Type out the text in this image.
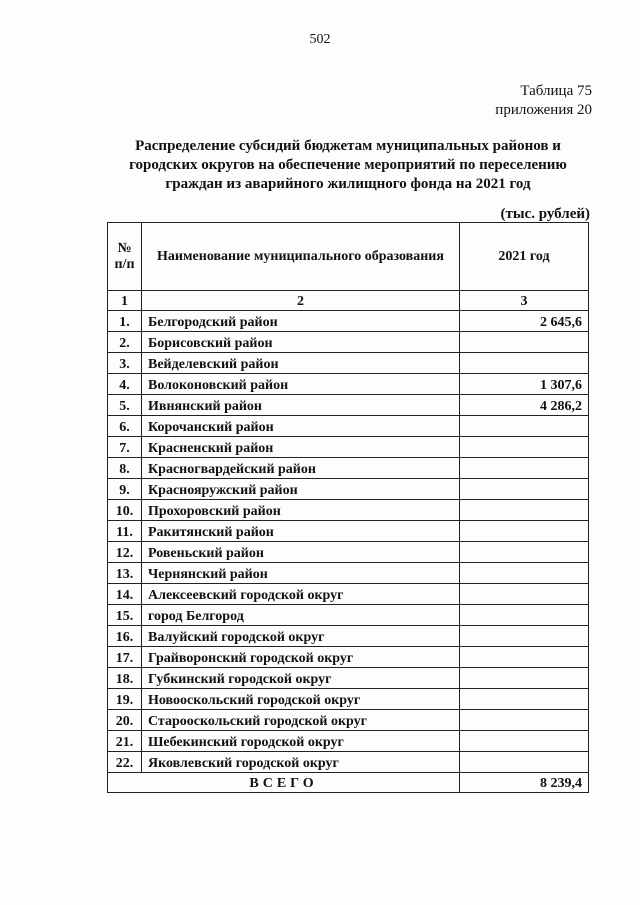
502
Таблица 75
приложения 20
Распределение субсидий бюджетам муниципальных районов и городских округов на обеспечение мероприятий по переселению граждан из аварийного жилищного фонда на 2021 год
(тыс. рублей)
№ п/п	Наименование муниципального образования	2021 год
1	2	3
1.	Белгородский район	2 645,6
2.	Борисовский район	
3.	Вейделевский район	
4.	Волоконовский район	1 307,6
5.	Ивнянский район	4 286,2
6.	Корочанский район	
7.	Красненский район	
8.	Красногвардейский район	
9.	Краснояружский район	
10.	Прохоровский район	
11.	Ракитянский район	
12.	Ровеньский район	
13.	Чернянский район	
14.	Алексеевский городской округ	
15.	город Белгород	
16.	Валуйский городской округ	
17.	Грайворонский городской округ	
18.	Губкинский городской округ	
19.	Новооскольский городской округ	
20.	Старооскольский городской округ	
21.	Шебекинский городской округ	
22.	Яковлевский городской округ	
ВСЕГО		8 239,4
